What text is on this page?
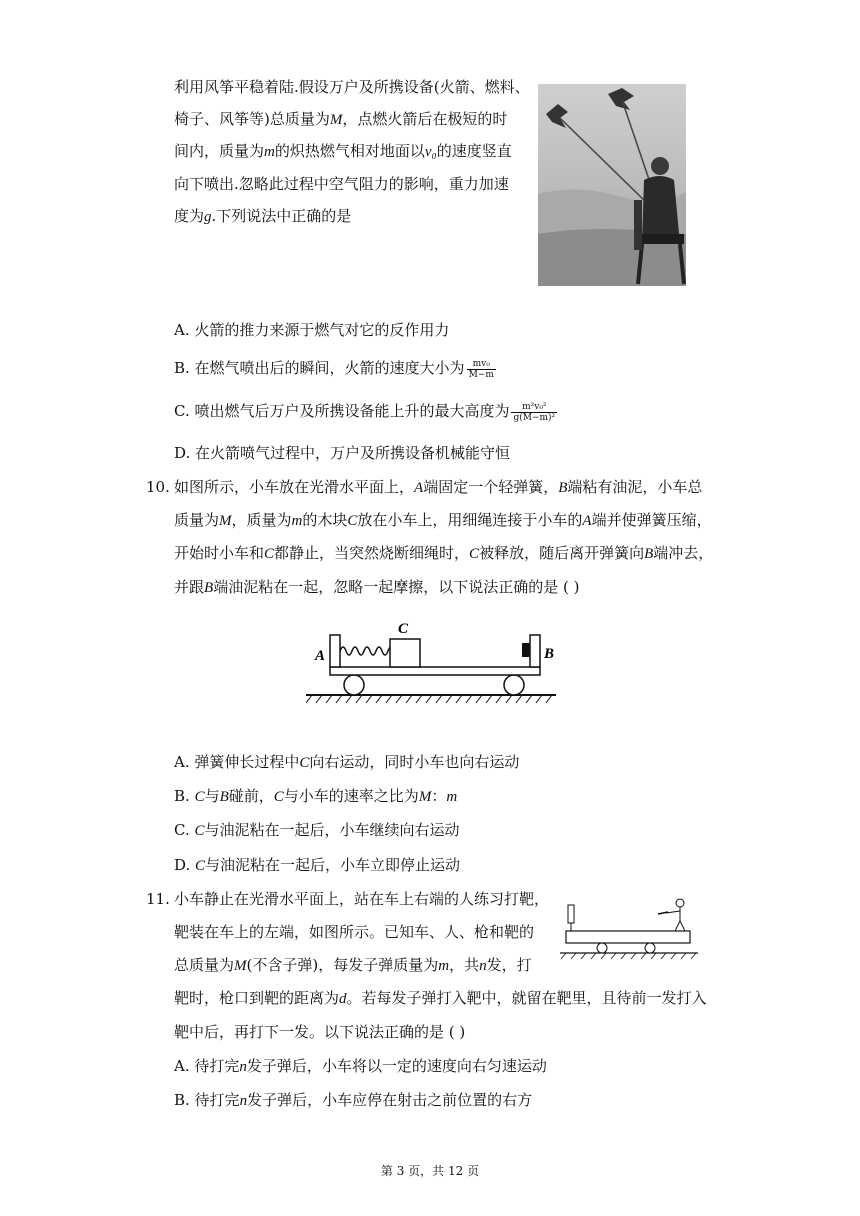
利用风筝平稳着陆.假设万户及所携设备(火箭、燃料、
椅子、风筝等)总质量为M，点燃火箭后在极短的时
间内，质量为m的炽热燃气相对地面以v₀的速度竖直
向下喷出.忽略此过程中空气阻力的影响，重力加速
度为g.下列说法中正确的是
A. 火箭的推力来源于燃气对它的反作用力
B. 在燃气喷出后的瞬间，火箭的速度大小为 $\frac{\text{mv₀}}{M-m}$
C. 喷出燃气后万户及所携设备能上升的最大高度为 $\frac{\text{m²v₀²}}{\text{g(M−m)²}}$
D. 在火箭喷气过程中，万户及所携设备机械能守恒
10. 如图所示，小车放在光滑水平面上，A端固定一个轻弹簧，B端粘有油泥，小车总
质量为M，质量为m的木块C放在小车上，用细绳连接于小车的A端并使弹簧压缩，
开始时小车和C都静止，当突然烧断细绳时，C被释放，随后离开弹簧向B端冲去，
并跟B端油泥粘在一起，忽略一起摩擦，以下说法正确的是 ( )
A
C
B
A. 弹簧伸长过程中C向右运动，同时小车也向右运动
B. C与B碰前，C与小车的速率之比为M：m
C. C与油泥粘在一起后，小车继续向右运动
D. C与油泥粘在一起后，小车立即停止运动
11. 小车静止在光滑水平面上，站在车上右端的人练习打靶，
靶装在车上的左端，如图所示。已知车、人、枪和靶的
总质量为M(不含子弹)，每发子弹质量为m，共n发，打
靶时，枪口到靶的距离为d。若每发子弹打入靶中，就留在靶里，且待前一发打入
靶中后，再打下一发。以下说法正确的是 ( )
A. 待打完n发子弹后，小车将以一定的速度向右匀速运动
B. 待打完n发子弹后，小车应停在射击之前位置的右方
第 3 页，共 12 页
